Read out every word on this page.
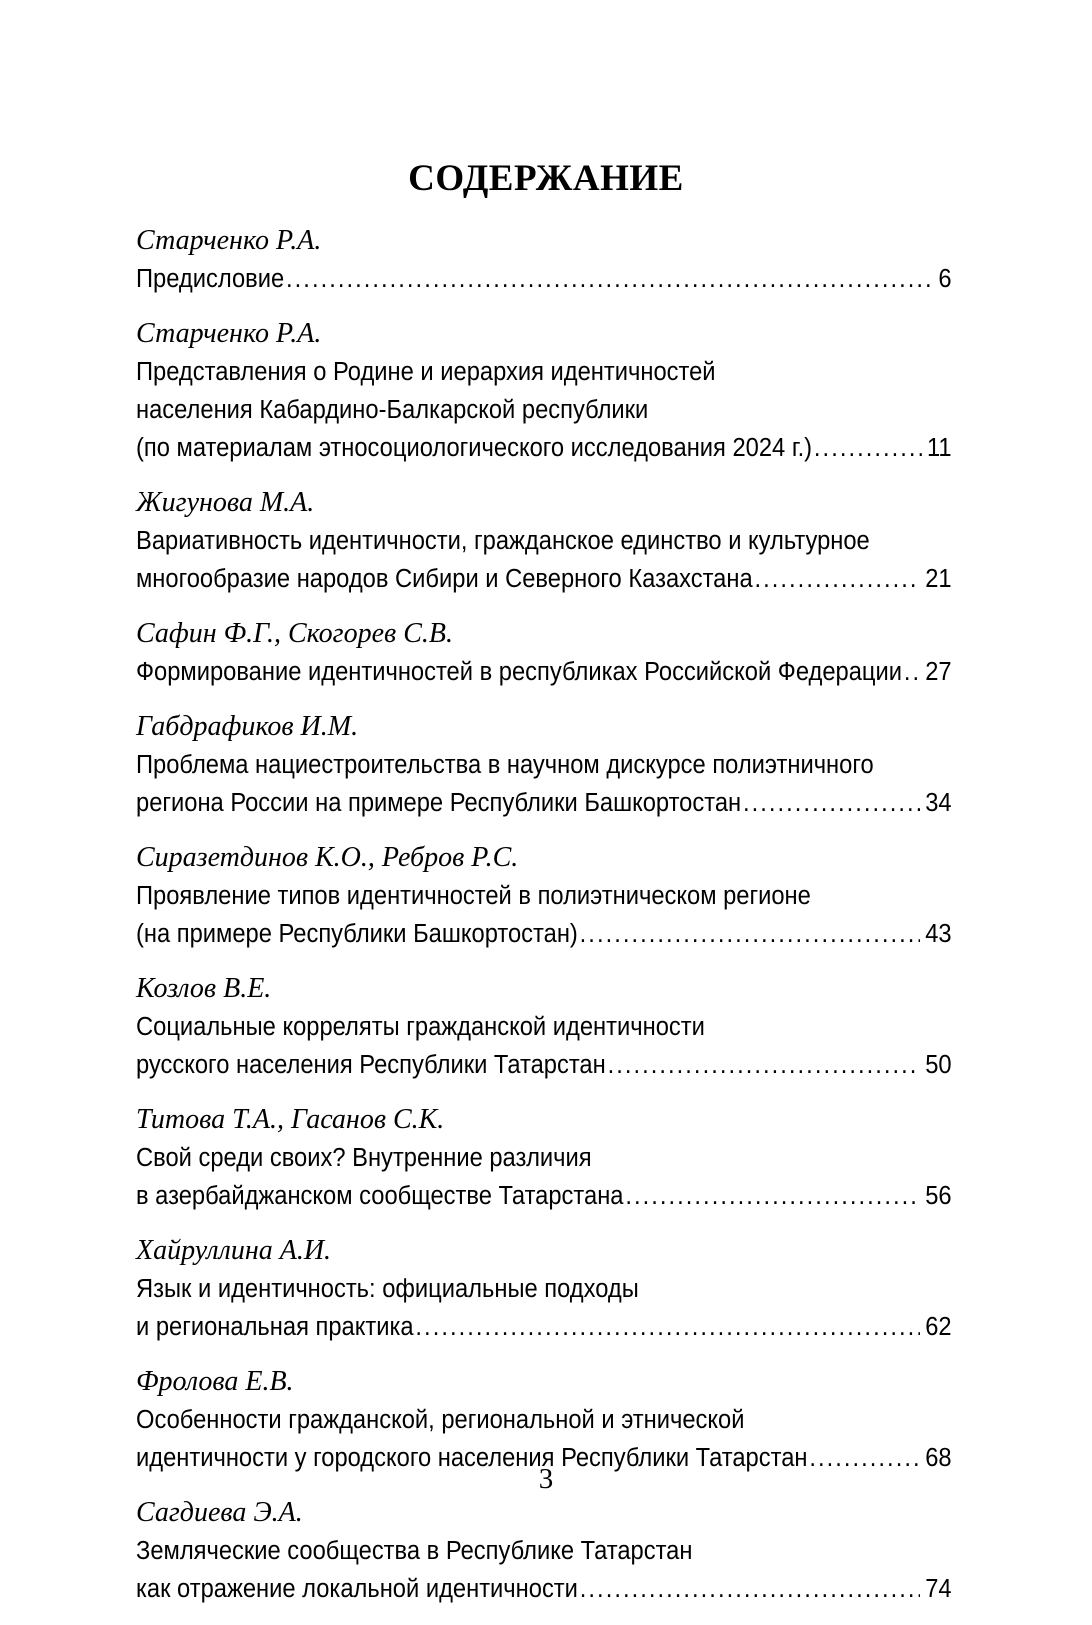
СОДЕРЖАНИЕ
Старченко Р.А.
Предисловие .....	6
Старченко Р.А.
Представления о Родине и иерархия идентичностей
населения Кабардино-Балкарской республики
(по материалам этносоциологического исследования 2024 г.) .....	11
Жигунова М.А.
Вариативность идентичности, гражданское единство и культурное
многообразие народов Сибири и Северного Казахстана .....	21
Сафин Ф.Г., Скогорев С.В.
Формирование идентичностей в республиках Российской Федерации ..... 27
Габдрафиков И.М.
Проблема нациестроительства в научном дискурсе полиэтничного
региона России на примере Республики Башкортостан .....	34
Сиразетдинов К.О., Ребров Р.С.
Проявление типов идентичностей в полиэтническом регионе
(на примере Республики Башкортостан) .....	43
Козлов В.Е.
Социальные корреляты гражданской идентичности
русского населения Республики Татарстан .....	50
Титова Т.А., Гасанов С.К.
Свой среди своих? Внутренние различия
в азербайджанском сообществе Татарстана .....	56
Хайруллина А.И.
Язык и идентичность: официальные подходы
и региональная практика .....	62
Фролова Е.В.
Особенности гражданской, региональной и этнической
идентичности у городского населения Республики Татарстан .....	68
Сагдиева Э.А.
Земляческие сообщества в Республике Татарстан
как отражение локальной идентичности .....	74
3
